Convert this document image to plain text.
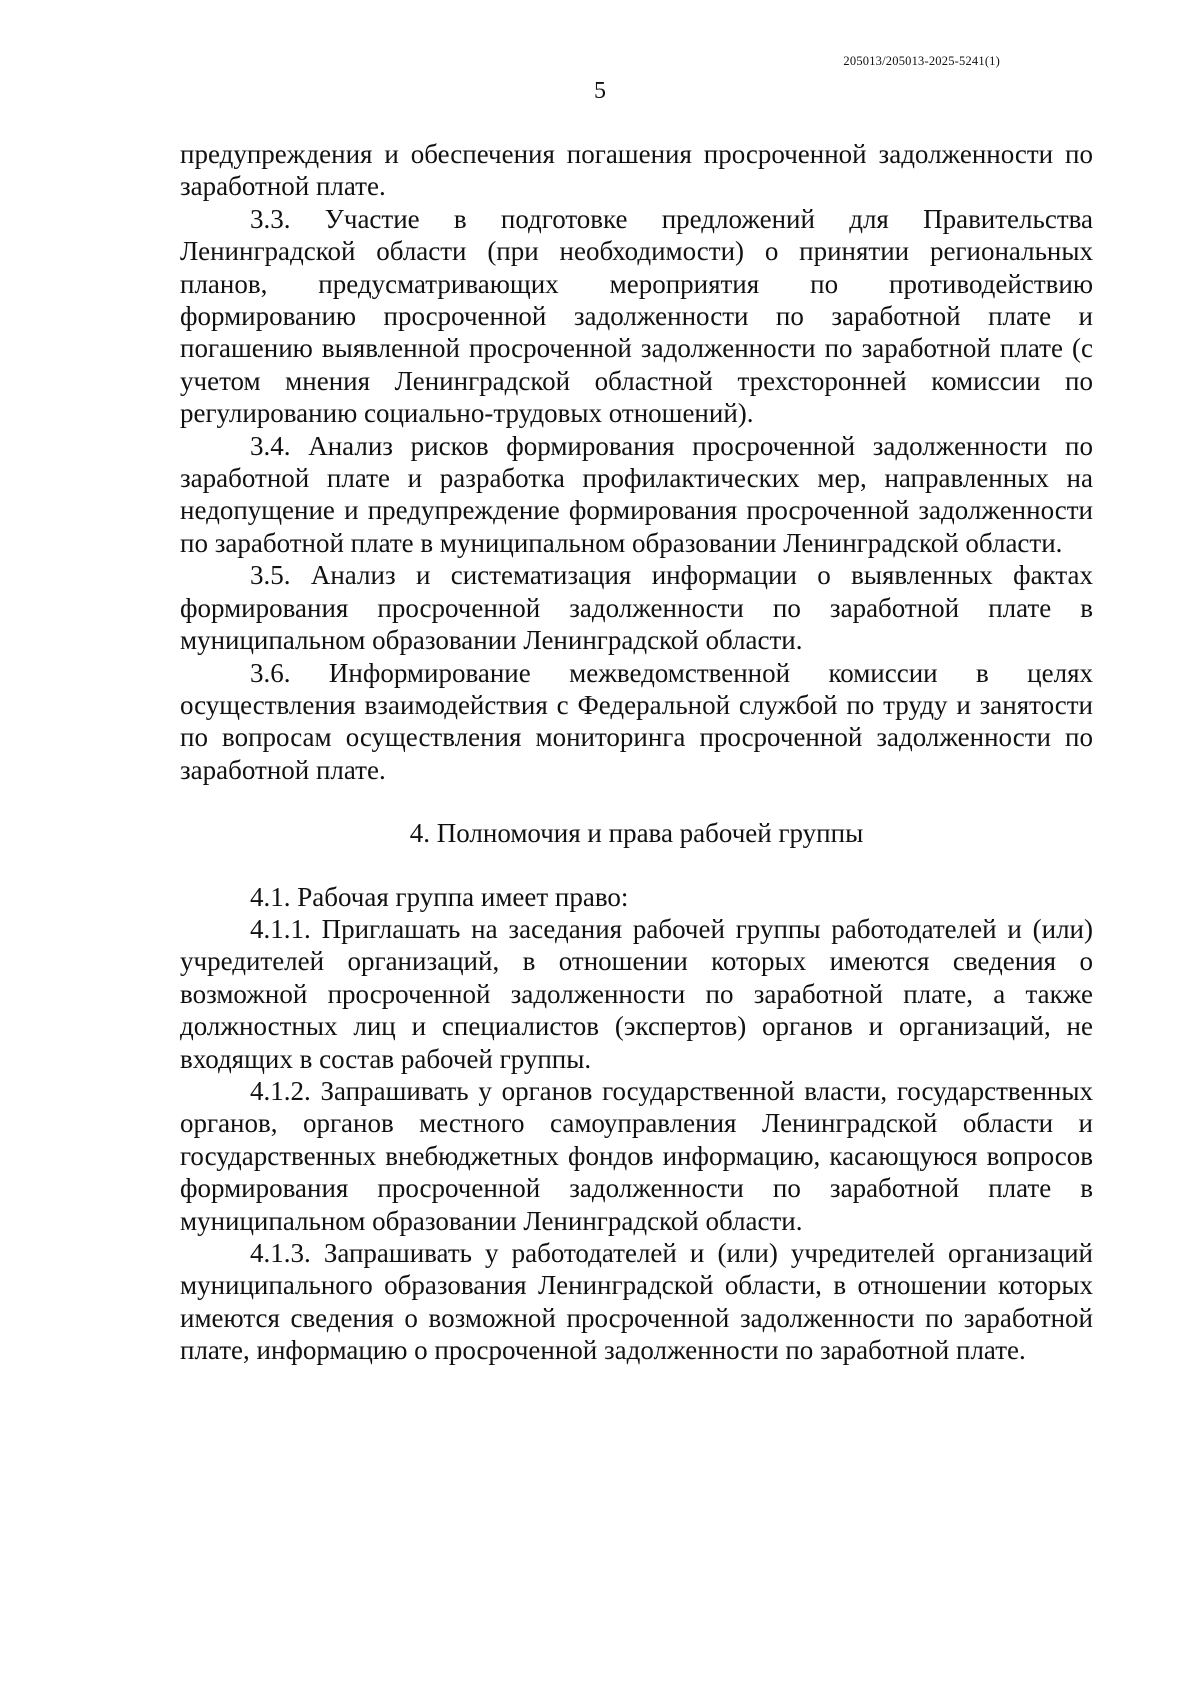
205013/205013-2025-5241(1)
5

предупреждения и обеспечения погашения просроченной задолженности по заработной плате.

3.3. Участие в подготовке предложений для Правительства Ленинградской области (при необходимости) о принятии региональных планов, предусматривающих мероприятия по противодействию формированию просроченной задолженности по заработной плате и погашению выявленной просроченной задолженности по заработной плате (с учетом мнения Ленинградской областной трехсторонней комиссии по регулированию социально-трудовых отношений).

3.4. Анализ рисков формирования просроченной задолженности по заработной плате и разработка профилактических мер, направленных на недопущение и предупреждение формирования просроченной задолженности по заработной плате в муниципальном образовании Ленинградской области.

3.5. Анализ и систематизация информации о выявленных фактах формирования просроченной задолженности по заработной плате в муниципальном образовании Ленинградской области.

3.6. Информирование межведомственной комиссии в целях осуществления взаимодействия с Федеральной службой по труду и занятости по вопросам осуществления мониторинга просроченной задолженности по заработной плате.

4. Полномочия и права рабочей группы

4.1. Рабочая группа имеет право:

4.1.1. Приглашать на заседания рабочей группы работодателей и (или) учредителей организаций, в отношении которых имеются сведения о возможной просроченной задолженности по заработной плате, а также должностных лиц и специалистов (экспертов) органов и организаций, не входящих в состав рабочей группы.

4.1.2. Запрашивать у органов государственной власти, государственных органов, органов местного самоуправления Ленинградской области и государственных внебюджетных фондов информацию, касающуюся вопросов формирования просроченной задолженности по заработной плате в муниципальном образовании Ленинградской области.

4.1.3. Запрашивать у работодателей и (или) учредителей организаций муниципального образования Ленинградской области, в отношении которых имеются сведения о возможной просроченной задолженности по заработной плате, информацию о просроченной задолженности по заработной плате.
